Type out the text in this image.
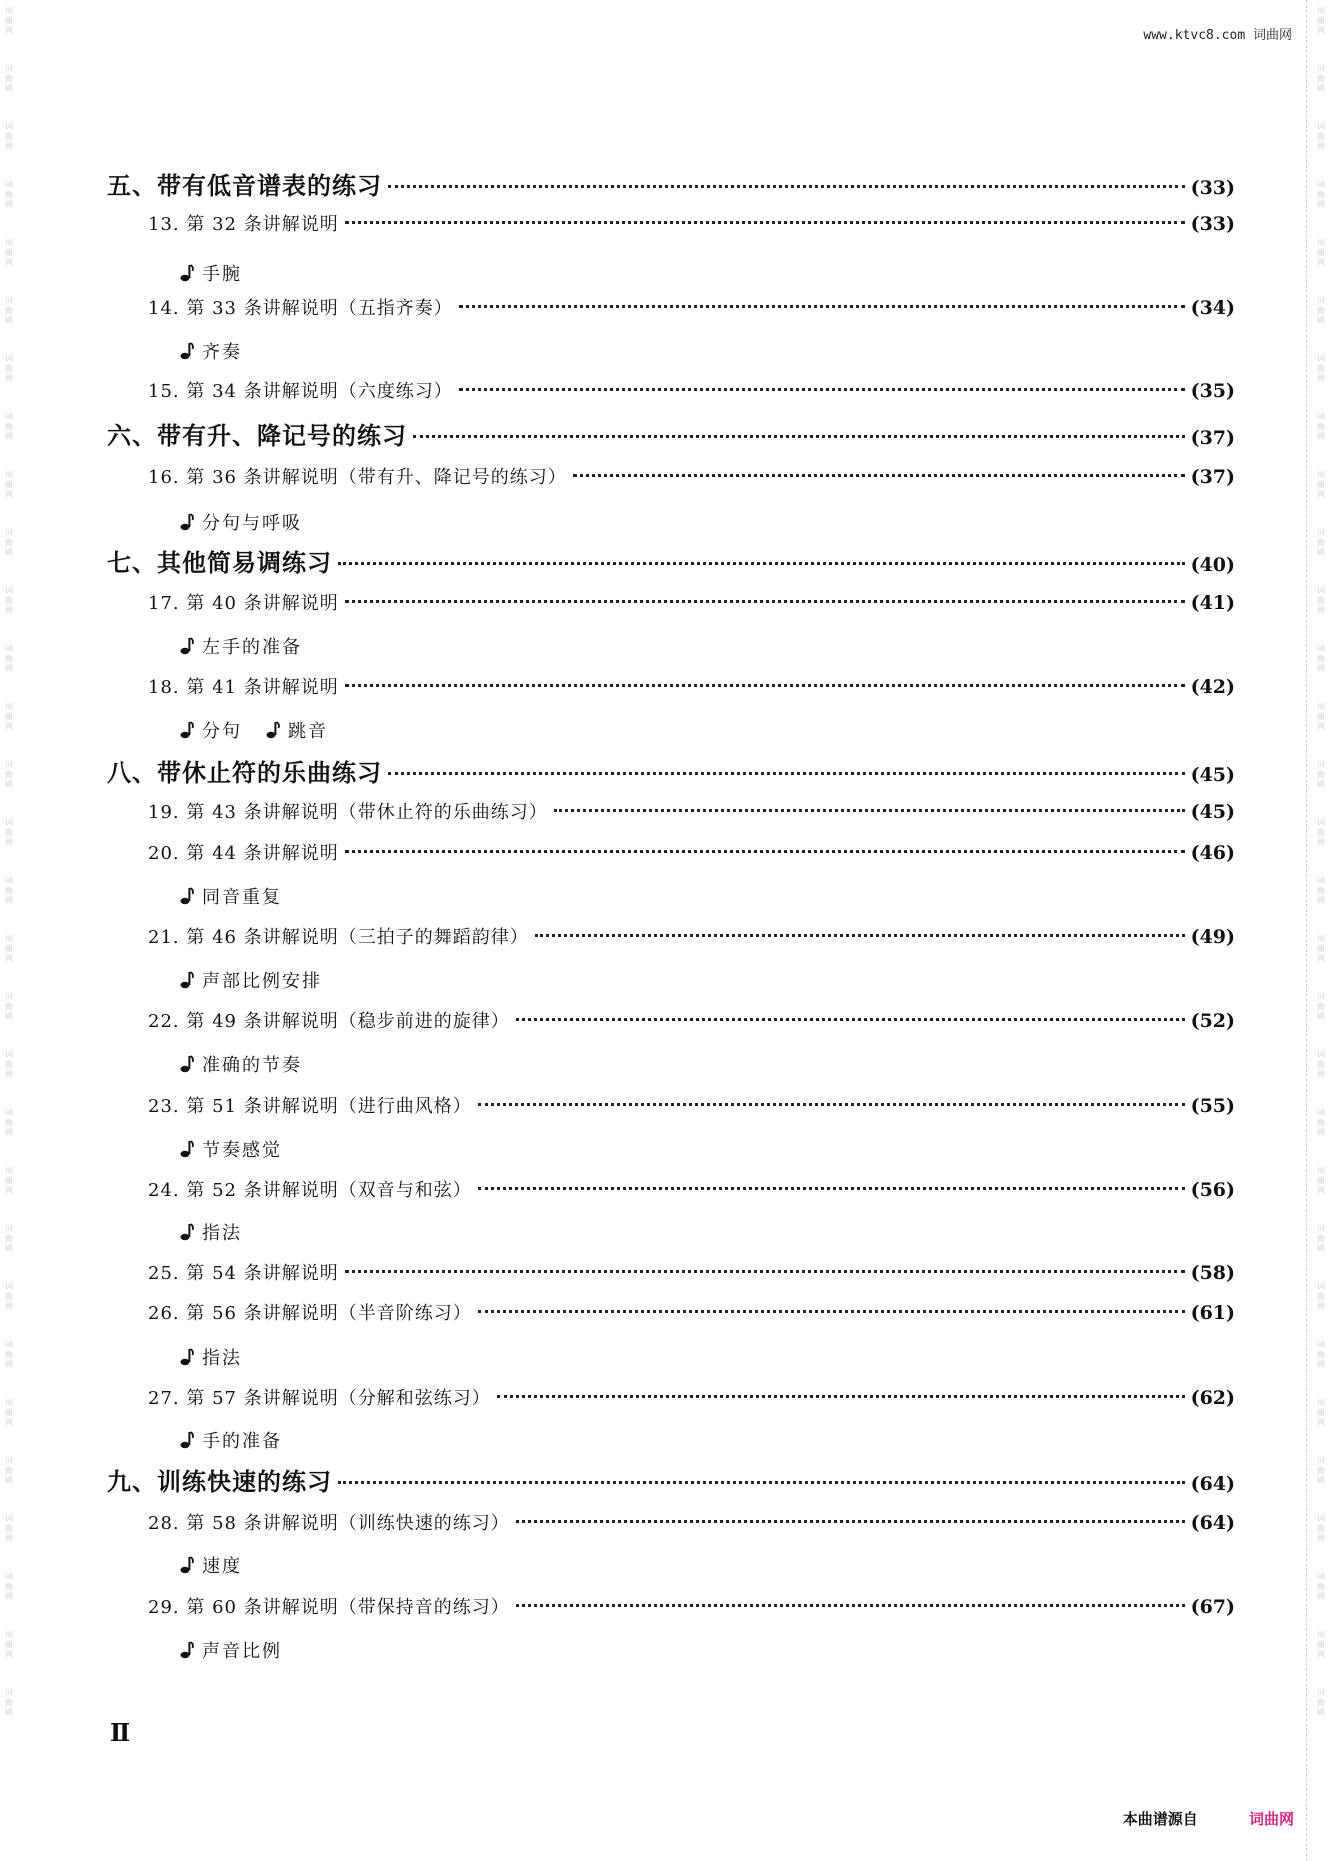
词
曲
网
词
曲
网
词
曲
网
词
曲
网
词
曲
网
词
曲
网
词
曲
网
词
曲
网
词
曲
网
词
曲
网
词
曲
网
词
曲
网
词
曲
网
词
曲
网
词
曲
网
词
曲
网
词
曲
网
词
曲
网
词
曲
网
词
曲
网
词
曲
网
词
曲
网
词
曲
网
词
曲
网
词
曲
网
词
曲
网
词
曲
网
词
曲
网
词
曲
网
词
曲
网
词
曲
网
词
曲
网
词
曲
网
词
曲
网
词
曲
网
词
曲
网
词
曲
网
词
曲
网
词
曲
网
词
曲
网
词
曲
网
词
曲
网
词
曲
网
词
曲
网
词
曲
网
词
曲
网
词
曲
网
词
曲
网
词
曲
网
词
曲
网
词
曲
网
词
曲
网
词
曲
网
词
曲
网
词
曲
网
词
曲
网
词
曲
网
词
曲
网
词
曲
网
词
曲
网
www.ktvc8.com 词曲网
五、带有低音谱表的练习	(33)
13. 第 32 条讲解说明	(33)
手腕
14. 第 33 条讲解说明（五指齐奏）	(34)
齐奏
15. 第 34 条讲解说明（六度练习）	(35)
六、带有升、降记号的练习	(37)
16. 第 36 条讲解说明（带有升、降记号的练习）	(37)
分句与呼吸
七、其他简易调练习	(40)
17. 第 40 条讲解说明	(41)
左手的准备
18. 第 41 条讲解说明	(42)
分句	跳音
八、带休止符的乐曲练习	(45)
19. 第 43 条讲解说明（带休止符的乐曲练习）	(45)
20. 第 44 条讲解说明	(46)
同音重复
21. 第 46 条讲解说明（三拍子的舞蹈韵律）	(49)
声部比例安排
22. 第 49 条讲解说明（稳步前进的旋律）	(52)
准确的节奏
23. 第 51 条讲解说明（进行曲风格）	(55)
节奏感觉
24. 第 52 条讲解说明（双音与和弦）	(56)
指法
25. 第 54 条讲解说明	(58)
26. 第 56 条讲解说明（半音阶练习）	(61)
指法
27. 第 57 条讲解说明（分解和弦练习）	(62)
手的准备
九、训练快速的练习	(64)
28. 第 58 条讲解说明（训练快速的练习）	(64)
速度
29. 第 60 条讲解说明（带保持音的练习）	(67)
声音比例
Ⅱ
本曲谱源自	词曲网
